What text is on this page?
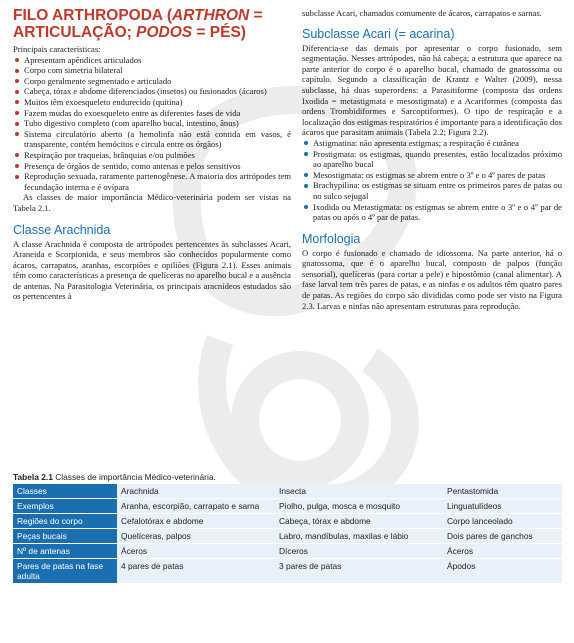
FILO ARTHROPODA (ARTHRON = ARTICULAÇÃO; PODOS = PÉS)

Principais características:

Apresentam apêndices articulados
Corpo com simetria bilateral
Corpo geralmente segmentado e articulado
Cabeça, tórax e abdome diferenciados (insetos) ou fusionados (ácaros)
Muitos têm exoesqueleto endurecido (quitina)
Fazem mudas do exoesqueleto entre as diferentes fases de vida
Tubo digestivo completo (com aparelho bucal, intestino, ânus)
Sistema circulatório aberto (a hemolinfa não está contida em vasos, é transparente, contém hemócitos e circula entre os órgãos)
Respiração por traqueias, brânquias e/ou pulmões
Presença de órgãos de sentido, como antenas e pelos sensitivos
Reprodução sexuada, raramente partenogênese. A maioria dos artrópodes tem fecundação interna e é ovípara

As classes de maior importância Médico-veterinária podem ser vistas na Tabela 2.1.

Classe Arachnida

A classe Arachnida é composta de artrópodes pertencentes às subclasses Acari, Araneida e Scorpionida, e seus membros são conhecidos popularmente como ácaros, carrapatos, aranhas, escorpiões e opiliões (Figura 2.1). Esses animais têm como características a presença de quelíceras no aparelho bucal e a ausência de antenas. Na Parasitologia Veterinária, os principais aracnídeos estudados são os pertencentes à

subclasse Acari, chamados comumente de ácaros, carrapatos e sarnas.

Subclasse Acari (= acarina)

Diferencia-se das demais por apresentar o corpo fusionado, sem segmentação. Nesses artrópodes, não há cabeça; a estrutura que aparece na parte anterior do corpo é o aparelho bucal, chamado de gnatossoma ou capítulo. Segundo a classificação de Krantz e Walter (2009), nessa subclasse, há duas superordens: a Parasitiforme (composta das ordens Ixodida = metastigmata e mesostigmata) e a Acariformes (composta das ordens Trombidiformes e Sarcoptiformes). O tipo de respiração e a localização dos estigmas respiratórios é importante para a identificação dos ácaros que parasitam animais (Tabela 2.2; Figura 2.2).

Astigmatina: não apresenta estigmas; a respiração é cutânea
Prostigmata: os estigmas, quando presentes, estão localizados próximo ao aparelho bucal
Mesostigmata: os estigmas se abrem entre o 3º e o 4º pares de patas
Brachypilina: os estigmas se situam entre os primeiros pares de patas ou no sulco sejugal
Ixodida ou Metastigmata: os estigmas se abrem entre o 3º e o 4º par de patas ou após o 4º par de patas.
Morfologia

O corpo é fusionado e chamado de idiossoma. Na parte anterior, há o gnatossoma, que é o aparelho bucal, composto de palpos (função sensorial), quelíceras (para cortar a pele) e hipostômio (canal alimentar). A fase larval tem três pares de patas, e as ninfas e os adultos têm quatro pares de patas. As regiões do corpo são divididas como pode ser visto na Figura 2.3. Larvas e ninfas não apresentam estruturas para reprodução.

Tabela 2.1 Classes de importância Médico-veterinária.
Classes	Arachnida	Insecta	Pentastomida
Exemplos	Aranha, escorpião, carrapato e sarna	Piolho, pulga, mosca e mosquito	Linguatulídeos
Regiões do corpo	Cefalotórax e abdome	Cabeça, tórax e abdome	Corpo lanceolado
Peças bucais	Quelíceras, palpos	Labro, mandíbulas, maxilas e lábio	Dois pares de ganchos
Nº de antenas	Áceros	Díceros	Áceros
Pares de patas na fase adulta	4 pares de patas	3 pares de patas	Ápodos
